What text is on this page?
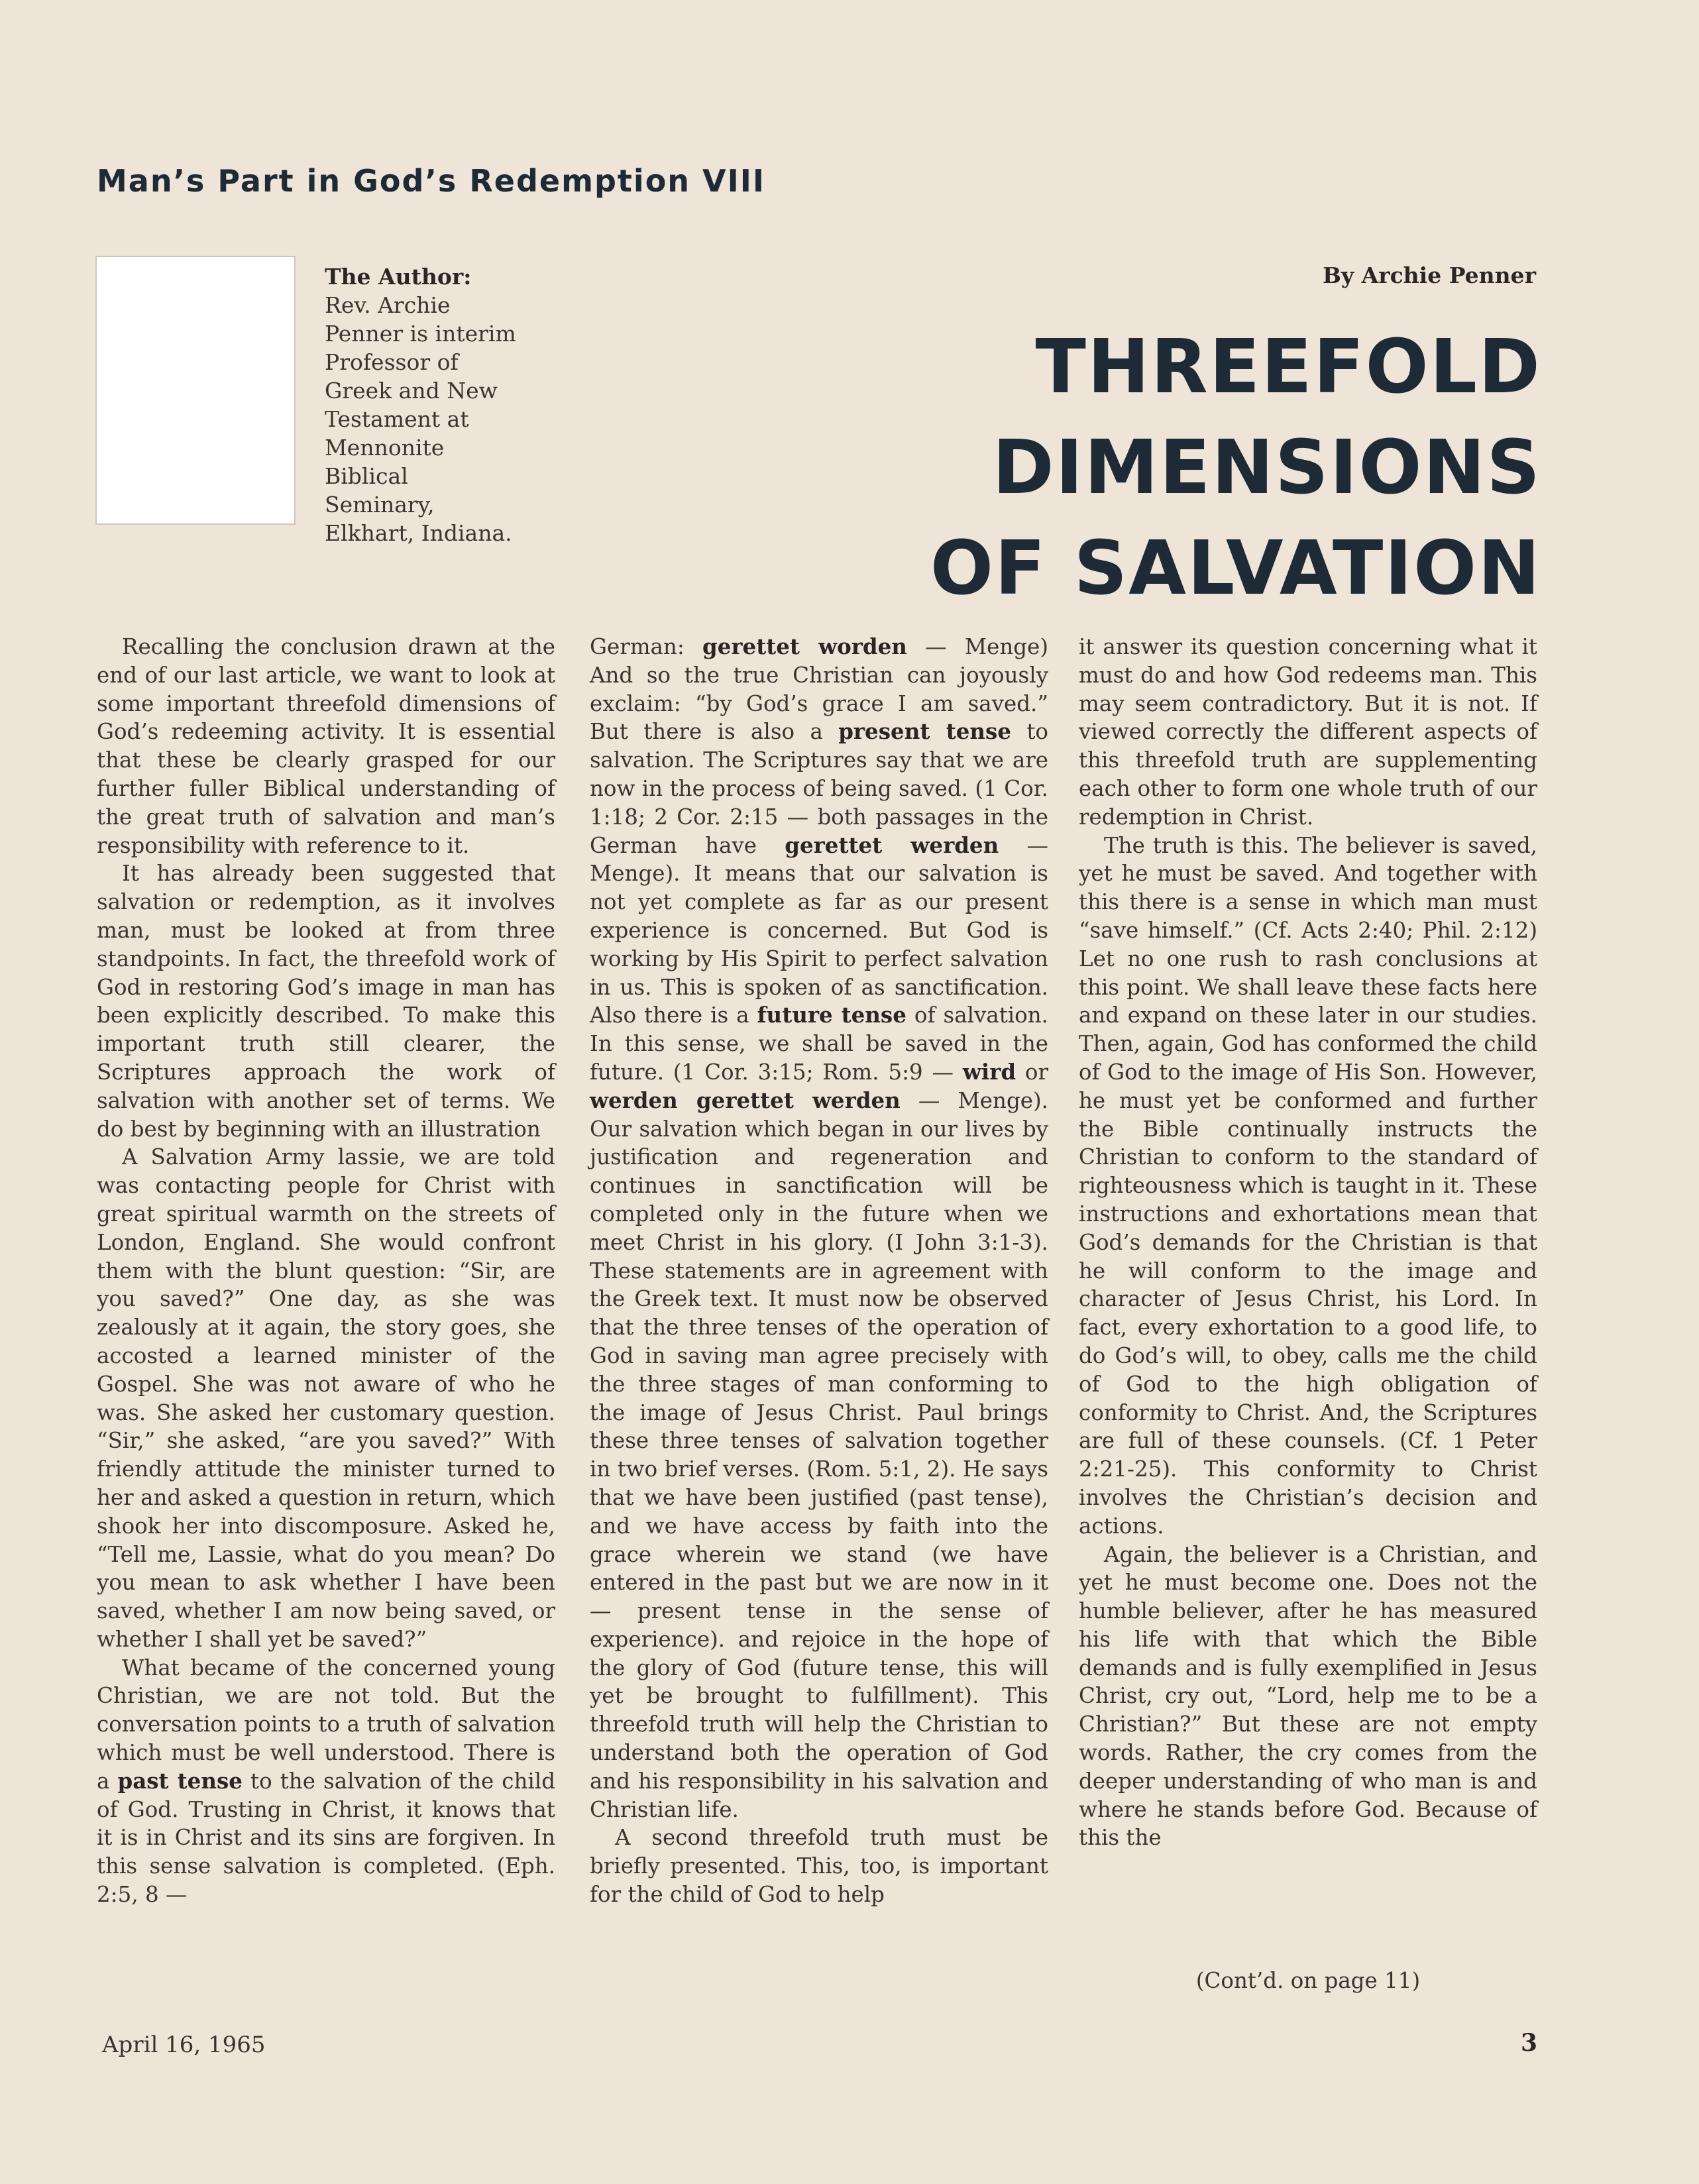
Man’s Part in God’s Redemption VIII
The Author:
Rev. Archie Penner is interim Professor of Greek and New Testament at Mennonite Biblical Seminary, Elkhart, Indiana.
By Archie Penner
THREEFOLD
DIMENSIONS
OF SALVATION

Recalling the conclusion drawn at the end of our last article, we want to look at some important threefold dimensions of God’s redeeming activity. It is essential that these be clearly grasped for our further fuller Biblical understanding of the great truth of salvation and man’s responsibility with reference to it.

It has already been suggested that salvation or redemption, as it involves man, must be looked at from three standpoints. In fact, the threefold work of God in restoring God’s image in man has been explicitly described. To make this important truth still clearer, the Scriptures approach the work of salvation with another set of terms. We do best by beginning with an illustration

A Salvation Army lassie, we are told was contacting people for Christ with great spiritual warmth on the streets of London, England. She would confront them with the blunt question: “Sir, are you saved?” One day, as she was zealously at it again, the story goes, she accosted a learned minister of the Gospel. She was not aware of who he was. She asked her customary question. “Sir,” she asked, “are you saved?” With friendly attitude the minister turned to her and asked a question in return, which shook her into discomposure. Asked he, “Tell me, Lassie, what do you mean? Do you mean to ask whether I have been saved, whether I am now being saved, or whether I shall yet be saved?”

What became of the concerned young Christian, we are not told. But the conversation points to a truth of salvation which must be well understood. There is a past tense to the salvation of the child of God. Trusting in Christ, it knows that it is in Christ and its sins are forgiven. In this sense salvation is completed. (Eph. 2:5, 8 —

German: gerettet worden — Menge) And so the true Christian can joyously exclaim: “by God’s grace I am saved.” But there is also a present tense to salvation. The Scriptures say that we are now in the process of being saved. (1 Cor. 1:18; 2 Cor. 2:15 — both passages in the German have gerettet werden — Menge). It means that our salvation is not yet complete as far as our present experience is concerned. But God is working by His Spirit to perfect salvation in us. This is spoken of as sanctification. Also there is a future tense of salvation. In this sense, we shall be saved in the future. (1 Cor. 3:15; Rom. 5:9 — wird or werden gerettet werden — Menge). Our salvation which began in our lives by justification and regeneration and continues in sanctification will be completed only in the future when we meet Christ in his glory. (I John 3:1-3). These statements are in agreement with the Greek text. It must now be observed that the three tenses of the operation of God in saving man agree precisely with the three stages of man conforming to the image of Jesus Christ. Paul brings these three tenses of salvation together in two brief verses. (Rom. 5:1, 2). He says that we have been justified (past tense), and we have access by faith into the grace wherein we stand (we have entered in the past but we are now in it — present tense in the sense of experience). and rejoice in the hope of the glory of God (future tense, this will yet be brought to fulfillment). This threefold truth will help the Christian to understand both the operation of God and his responsibility in his salvation and Christian life.

A second threefold truth must be briefly presented. This, too, is important for the child of God to help

it answer its question concerning what it must do and how God redeems man. This may seem contradictory. But it is not. If viewed correctly the different aspects of this threefold truth are supplementing each other to form one whole truth of our redemption in Christ.

The truth is this. The believer is saved, yet he must be saved. And together with this there is a sense in which man must “save himself.” (Cf. Acts 2:40; Phil. 2:12) Let no one rush to rash conclusions at this point. We shall leave these facts here and expand on these later in our studies. Then, again, God has conformed the child of God to the image of His Son. However, he must yet be conformed and further the Bible continually instructs the Christian to conform to the standard of righteousness which is taught in it. These instructions and exhortations mean that God’s demands for the Christian is that he will conform to the image and character of Jesus Christ, his Lord. In fact, every exhortation to a good life, to do God’s will, to obey, calls me the child of God to the high obligation of conformity to Christ. And, the Scriptures are full of these counsels. (Cf. 1 Peter 2:21-25). This conformity to Christ involves the Christian’s decision and actions.

Again, the believer is a Christian, and yet he must become one. Does not the humble believer, after he has measured his life with that which the Bible demands and is fully exemplified in Jesus Christ, cry out, “Lord, help me to be a Christian?” But these are not empty words. Rather, the cry comes from the deeper understanding of who man is and where he stands before God. Because of this the

(Cont’d. on page 11)
April 16, 1965	3
